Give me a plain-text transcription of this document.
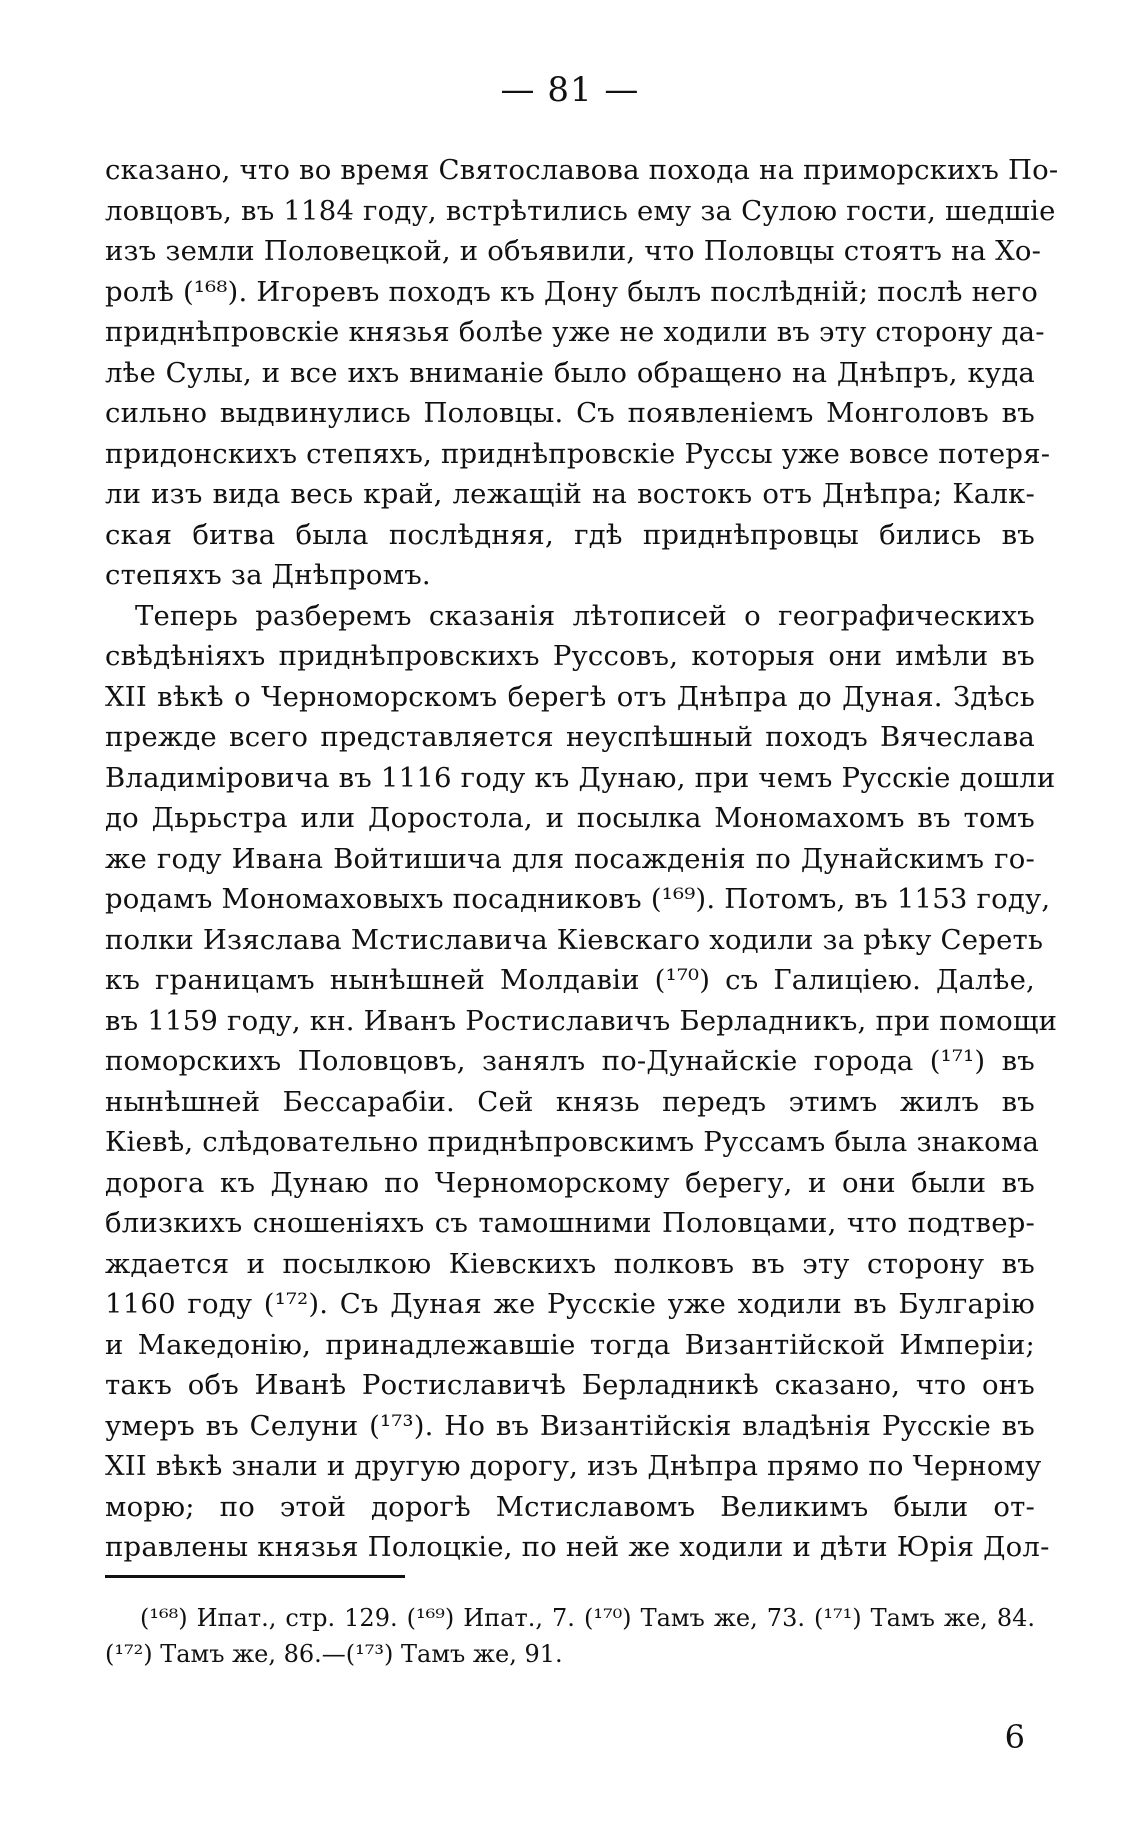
— 81 —
сказано, что во время Святославова похода на приморскихъ По-
ловцовъ, въ 1184 году, встрѣтились ему за Сулою гости, шедшіе
изъ земли Половецкой, и объявили, что Половцы стоятъ на Хо-
ролѣ (¹⁶⁸). Игоревъ походъ къ Дону былъ послѣдній; послѣ него
приднѣпровскіе князья болѣе уже не ходили въ эту сторону да-
лѣе Сулы, и все ихъ вниманіе было обращено на Днѣпръ, куда
сильно выдвинулись Половцы. Съ появленіемъ Монголовъ въ
придонскихъ степяхъ, приднѣпровскіе Руссы уже вовсе потеря-
ли изъ вида весь край, лежащій на востокъ отъ Днѣпра; Калк-
ская битва была послѣдняя, гдѣ приднѣпровцы бились въ
степяхъ за Днѣпромъ.
Теперь разберемъ сказанія лѣтописей о географическихъ
свѣдѣніяхъ приднѣпровскихъ Руссовъ, которыя они имѣли въ
XII вѣкѣ о Черноморскомъ берегѣ отъ Днѣпра до Дуная. Здѣсь
прежде всего представляется неуспѣшный походъ Вячеслава
Владиміровича въ 1116 году къ Дунаю, при чемъ Русскіе дошли
до Дьрьстра или Доростола, и посылка Мономахомъ въ томъ
же году Ивана Войтишича для посажденія по Дунайскимъ го-
родамъ Мономаховыхъ посадниковъ (¹⁶⁹). Потомъ, въ 1153 году,
полки Изяслава Мстиславича Кіевскаго ходили за рѣку Сереть
къ границамъ нынѣшней Молдавіи (¹⁷⁰) съ Галиціею. Далѣе,
въ 1159 году, кн. Иванъ Ростиславичъ Берладникъ, при помощи
поморскихъ Половцовъ, занялъ по-Дунайскіе города (¹⁷¹) въ
нынѣшней Бессарабіи. Сей князь передъ этимъ жилъ въ
Кіевѣ, слѣдовательно приднѣпровскимъ Руссамъ была знакома
дорога къ Дунаю по Черноморскому берегу, и они были въ
близкихъ сношеніяхъ съ тамошними Половцами, что подтвер-
ждается и посылкою Кіевскихъ полковъ въ эту сторону въ
1160 году (¹⁷²). Съ Дуная же Русскіе уже ходили въ Булгарію
и Македонію, принадлежавшіе тогда Византійской Имперіи;
такъ объ Иванѣ Ростиславичѣ Берладникѣ сказано, что онъ
умеръ въ Селуни (¹⁷³). Но въ Византійскія владѣнія Русскіе въ
XII вѣкѣ знали и другую дорогу, изъ Днѣпра прямо по Черному
морю; по этой дорогѣ Мстиславомъ Великимъ были от-
правлены князья Полоцкіе, по ней же ходили и дѣти Юрія Дол-
(¹⁶⁸) Ипат., стр. 129. (¹⁶⁹) Ипат., 7. (¹⁷⁰) Тамъ же, 73. (¹⁷¹) Тамъ же, 84.
(¹⁷²) Тамъ же, 86.—(¹⁷³) Тамъ же, 91.
6
